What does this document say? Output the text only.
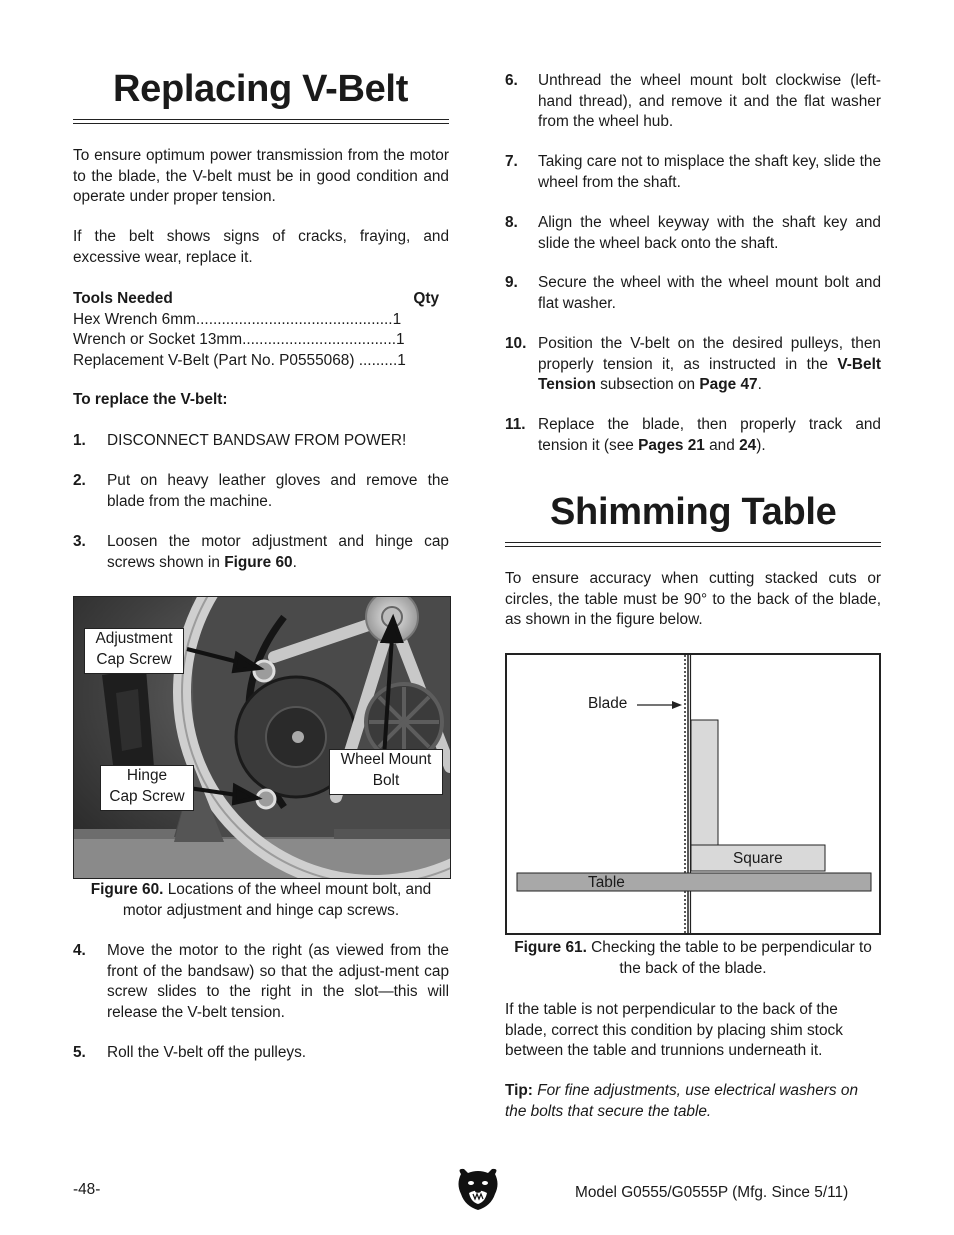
Replacing V-Belt

To ensure optimum power transmission from the motor to the blade, the V-belt must be in good condition and operate under proper tension.

If the belt shows signs of cracks, fraying, and excessive wear, replace it.

Tools Needed	Qty
Hex Wrench 6mm..............................................1
Wrench or Socket 13mm....................................1
Replacement V-Belt (Part No. P0555068) .........1

To replace the V-belt:

1. DISCONNECT BANDSAW FROM POWER!
2. Put on heavy leather gloves and remove the blade from the machine.
3. Loosen the motor adjustment and hinge cap screws shown in Figure 60.
Adjustment
Cap Screw
Hinge
Cap Screw
Wheel Mount
Bolt

Figure 60. Locations of the wheel mount bolt, and motor adjustment and hinge cap screws.

4. Move the motor to the right (as viewed from the front of the bandsaw) so that the adjust-ment cap screw slides to the right in the slot—this will release the V-belt tension.
5. Roll the V-belt off the pulleys.
6. Unthread the wheel mount bolt clockwise (left-hand thread), and remove it and the flat washer from the wheel hub.
7. Taking care not to misplace the shaft key, slide the wheel from the shaft.
8. Align the wheel keyway with the shaft key and slide the wheel back onto the shaft.
9. Secure the wheel with the wheel mount bolt and flat washer.
10. Position the V-belt on the desired pulleys, then properly tension it, as instructed in the V-Belt Tension subsection on Page 47.
11. Replace the blade, then properly track and tension it (see Pages 21 and 24).
Shimming Table

To ensure accuracy when cutting stacked cuts or circles, the table must be 90° to the back of the blade, as shown in the figure below.

Blade
Square
Table

Figure 61. Checking the table to be perpendicular to the back of the blade.

If the table is not perpendicular to the back of the blade, correct this condition by placing shim stock between the table and trunnions underneath it.

Tip: For fine adjustments, use electrical washers on the bolts that secure the table.

-48-	Model G0555/G0555P (Mfg. Since 5/11)
